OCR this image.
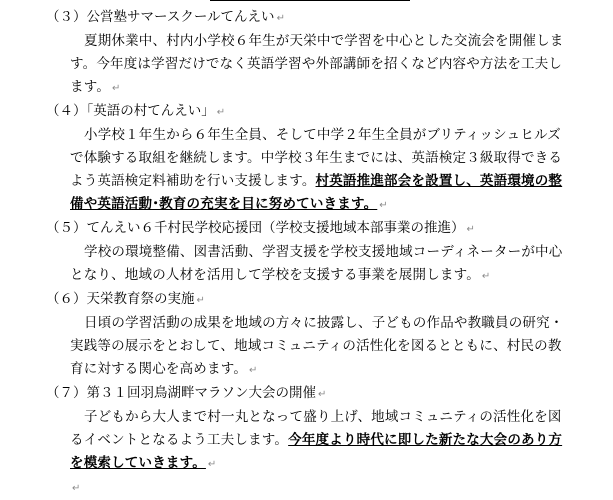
（３）公営塾サマースクールてんえい ↵
夏期休業中、村内小学校６年生が天栄中で学習を中心とした交流会を開催します。今年度は学習だけでなく英語学習や外部講師を招くなど内容や方法を工夫します。 ↵
（４）「英語の村てんえい」 ↵
小学校１年生から６年生全員、そして中学２年生全員がブリティッシュヒルズで体験する取組を継続します。中学校３年生までには、英語検定３級取得できるよう英語検定料補助を行い支援します。村英語推進部会を設置し、英語環境の整備や英語活動･教育の充実を目に努めていきます。 ↵
（５）てんえい６千村民学校応援団（学校支援地域本部事業の推進） ↵
学校の環境整備、図書活動、学習支援を学校支援地域コーディネーターが中心となり、地域の人材を活用して学校を支援する事業を展開します。 ↵
（６）天栄教育祭の実施 ↵
日頃の学習活動の成果を地域の方々に披露し、子どもの作品や教職員の研究・実践等の展示をとおして、地域コミュニティの活性化を図るとともに、村民の教育に対する関心を高めます。 ↵
（７）第３１回羽鳥湖畔マラソン大会の開催 ↵
子どもから大人まで村一丸となって盛り上げ、地域コミュニティの活性化を図るイベントとなるよう工夫します。今年度より時代に即した新たな大会のあり方を模索していきます。 ↵
↵
